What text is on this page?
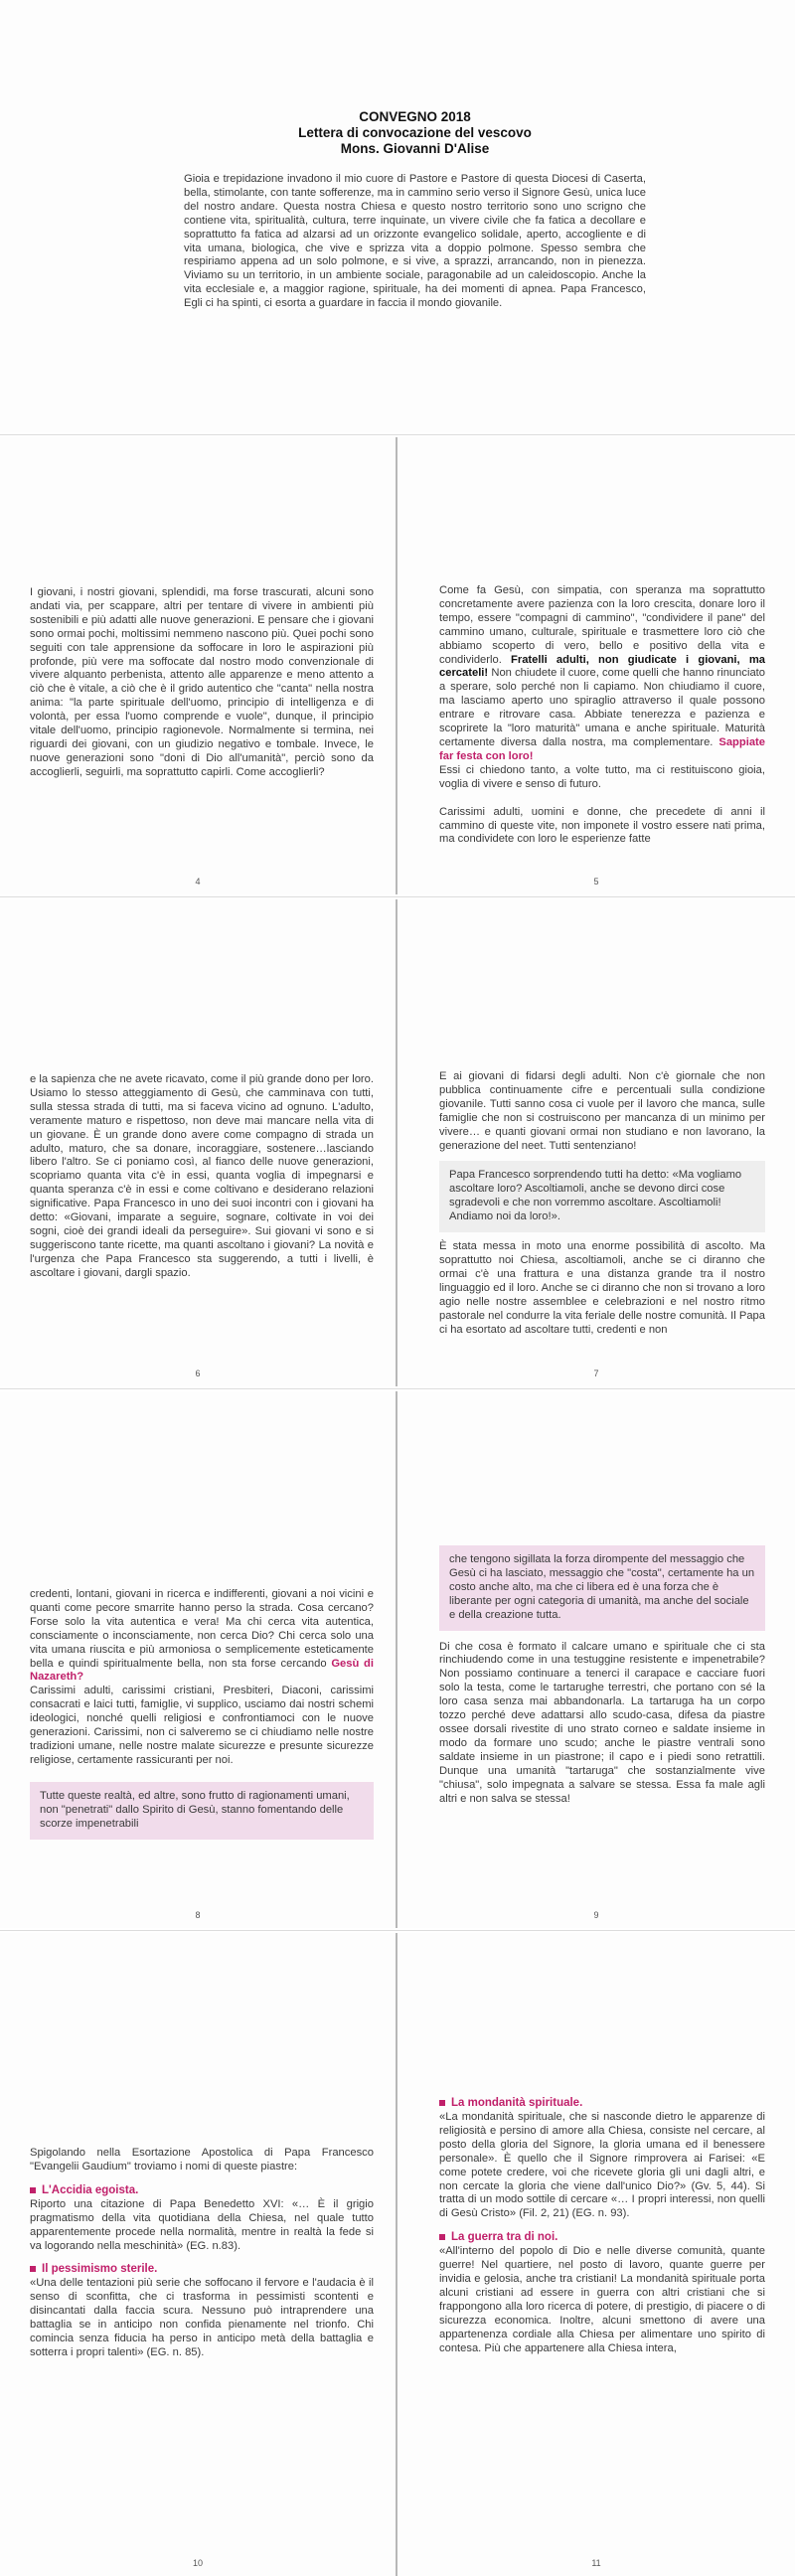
CONVEGNO 2018

Lettera di convocazione del vescovo

Mons. Giovanni D'Alise

Gioia e trepidazione invadono il mio cuore di Pastore e Pastore di questa Diocesi di Caserta, bella, stimolante, con tante sofferenze, ma in cammino serio verso il Signore Gesù, unica luce del nostro andare. Questa nostra Chiesa e questo nostro territorio sono uno scrigno che contiene vita, spiritualità, cultura, terre inquinate, un vivere civile che fa fatica a decollare e soprattutto fa fatica ad alzarsi ad un orizzonte evangelico solidale, aperto, accogliente e di vita umana, biologica, che vive e sprizza vita a doppio polmone. Spesso sembra che respiriamo appena ad un solo polmone, e si vive, a sprazzi, arrancando, non in pienezza. Viviamo su un territorio, in un ambiente sociale, paragonabile ad un caleidoscopio. Anche la vita ecclesiale e, a maggior ragione, spirituale, ha dei momenti di apnea. Papa Francesco, Egli ci ha spinti, ci esorta a guardare in faccia il mondo giovanile.

I giovani, i nostri giovani, splendidi, ma forse trascurati, alcuni sono andati via, per scappare, altri per tentare di vivere in ambienti più sostenibili e più adatti alle nuove generazioni. E pensare che i giovani sono ormai pochi, moltissimi nemmeno nascono più. Quei pochi sono seguiti con tale apprensione da soffocare in loro le aspirazioni più profonde, più vere ma soffocate dal nostro modo convenzionale di vivere alquanto perbenista, attento alle apparenze e meno attento a ciò che è vitale, a ciò che è il grido autentico che "canta" nella nostra anima: "la parte spirituale dell'uomo, principio di intelligenza e di volontà, per essa l'uomo comprende e vuole", dunque, il principio vitale dell'uomo, principio ragionevole. Normalmente si termina, nei riguardi dei giovani, con un giudizio negativo e tombale. Invece, le nuove generazioni sono "doni di Dio all'umanità", perciò sono da accoglierli, seguirli, ma soprattutto capirli. Come accoglierli?

4

Come fa Gesù, con simpatia, con speranza ma soprattutto concretamente avere pazienza con la loro crescita, donare loro il tempo, essere "compagni di cammino", "condividere il pane" del cammino umano, culturale, spirituale e trasmettere loro ciò che abbiamo scoperto di vero, bello e positivo della vita e condividerlo. Fratelli adulti, non giudicate i giovani, ma cercateli! Non chiudete il cuore, come quelli che hanno rinunciato a sperare, solo perché non li capiamo. Non chiudiamo il cuore, ma lasciamo aperto uno spiraglio attraverso il quale possono entrare e ritrovare casa. Abbiate tenerezza e pazienza e scoprirete la "loro maturità" umana e anche spirituale. Maturità certamente diversa dalla nostra, ma complementare. Sappiate far festa con loro!

Essi ci chiedono tanto, a volte tutto, ma ci restituiscono gioia, voglia di vivere e senso di futuro.

Carissimi adulti, uomini e donne, che precedete di anni il cammino di queste vite, non imponete il vostro essere nati prima, ma condividete con loro le esperienze fatte

5

e la sapienza che ne avete ricavato, come il più grande dono per loro. Usiamo lo stesso atteggiamento di Gesù, che camminava con tutti, sulla stessa strada di tutti, ma si faceva vicino ad ognuno. L'adulto, veramente maturo e rispettoso, non deve mai mancare nella vita di un giovane. È un grande dono avere come compagno di strada un adulto, maturo, che sa donare, incoraggiare, sostenere…lasciando libero l'altro. Se ci poniamo così, al fianco delle nuove generazioni, scopriamo quanta vita c'è in essi, quanta voglia di impegnarsi e quanta speranza c'è in essi e come coltivano e desiderano relazioni significative. Papa Francesco in uno dei suoi incontri con i giovani ha detto: «Giovani, imparate a seguire, sognare, coltivate in voi dei sogni, cioè dei grandi ideali da perseguire». Sui giovani vi sono e si suggeriscono tante ricette, ma quanti ascoltano i giovani? La novità e l'urgenza che Papa Francesco sta suggerendo, a tutti i livelli, è ascoltare i giovani, dargli spazio.

6

E ai giovani di fidarsi degli adulti. Non c'è giornale che non pubblica continuamente cifre e percentuali sulla condizione giovanile. Tutti sanno cosa ci vuole per il lavoro che manca, sulle famiglie che non si costruiscono per mancanza di un minimo per vivere… e quanti giovani ormai non studiano e non lavorano, la generazione del neet. Tutti sentenziano!

Papa Francesco sorprendendo tutti ha detto: «Ma vogliamo ascoltare loro? Ascoltiamoli, anche se devono dirci cose sgradevoli e che non vorremmo ascoltare. Ascoltiamoli! Andiamo noi da loro!».

È stata messa in moto una enorme possibilità di ascolto. Ma soprattutto noi Chiesa, ascoltiamoli, anche se ci diranno che ormai c'è una frattura e una distanza grande tra il nostro linguaggio ed il loro. Anche se ci diranno che non si trovano a loro agio nelle nostre assemblee e celebrazioni e nel nostro ritmo pastorale nel condurre la vita feriale delle nostre comunità. Il Papa ci ha esortato ad ascoltare tutti, credenti e non

7

credenti, lontani, giovani in ricerca e indifferenti, giovani a noi vicini e quanti come pecore smarrite hanno perso la strada. Cosa cercano? Forse solo la vita autentica e vera! Ma chi cerca vita autentica, consciamente o inconsciamente, non cerca Dio? Chi cerca solo una vita umana riuscita e più armoniosa o semplicemente esteticamente bella e quindi spiritualmente bella, non sta forse cercando Gesù di Nazareth?

Carissimi adulti, carissimi cristiani, Presbiteri, Diaconi, carissimi consacrati e laici tutti, famiglie, vi supplico, usciamo dai nostri schemi ideologici, nonché quelli religiosi e confrontiamoci con le nuove generazioni. Carissimi, non ci salveremo se ci chiudiamo nelle nostre tradizioni umane, nelle nostre malate sicurezze e presunte sicurezze religiose, certamente rassicuranti per noi.

Tutte queste realtà, ed altre, sono frutto di ragionamenti umani, non "penetrati" dallo Spirito di Gesù, stanno fomentando delle scorze impenetrabili
8
che tengono sigillata la forza dirompente del messaggio che Gesù ci ha lasciato, messaggio che "costa", certamente ha un costo anche alto, ma che ci libera ed è una forza che è liberante per ogni categoria di umanità, ma anche del sociale e della creazione tutta.

Di che cosa è formato il calcare umano e spirituale che ci sta rinchiudendo come in una testuggine resistente e impenetrabile? Non possiamo continuare a tenerci il carapace e cacciare fuori solo la testa, come le tartarughe terrestri, che portano con sé la loro casa senza mai abbandonarla. La tartaruga ha un corpo tozzo perché deve adattarsi allo scudo-casa, difesa da piastre ossee dorsali rivestite di uno strato corneo e saldate insieme in modo da formare uno scudo; anche le piastre ventrali sono saldate insieme in un piastrone; il capo e i piedi sono retrattili. Dunque una umanità "tartaruga" che sostanzialmente vive "chiusa", solo impegnata a salvare se stessa. Essa fa male agli altri e non salva se stessa!

9

Spigolando nella Esortazione Apostolica di Papa Francesco "Evangelii Gaudium" troviamo i nomi di queste piastre:

L'Accidia egoista.

Riporto una citazione di Papa Benedetto XVI: «… È il grigio pragmatismo della vita quotidiana della Chiesa, nel quale tutto apparentemente procede nella normalità, mentre in realtà la fede si va logorando nella meschinità» (EG. n.83).

Il pessimismo sterile.

«Una delle tentazioni più serie che soffocano il fervore e l'audacia è il senso di sconfitta, che ci trasforma in pessimisti scontenti e disincantati dalla faccia scura. Nessuno può intraprendere una battaglia se in anticipo non confida pienamente nel trionfo. Chi comincia senza fiducia ha perso in anticipo metà della battaglia e sotterra i propri talenti» (EG. n. 85).

10
La mondanità spirituale.

«La mondanità spirituale, che si nasconde dietro le apparenze di religiosità e persino di amore alla Chiesa, consiste nel cercare, al posto della gloria del Signore, la gloria umana ed il benessere personale». È quello che il Signore rimprovera ai Farisei: «E come potete credere, voi che ricevete gloria gli uni dagli altri, e non cercate la gloria che viene dall'unico Dio?» (Gv. 5, 44). Si tratta di un modo sottile di cercare «… I propri interessi, non quelli di Gesù Cristo» (Fil. 2, 21) (EG. n. 93).

La guerra tra di noi.

«All'interno del popolo di Dio e nelle diverse comunità, quante guerre! Nel quartiere, nel posto di lavoro, quante guerre per invidia e gelosia, anche tra cristiani! La mondanità spirituale porta alcuni cristiani ad essere in guerra con altri cristiani che si frappongono alla loro ricerca di potere, di prestigio, di piacere o di sicurezza economica. Inoltre, alcuni smettono di avere una appartenenza cordiale alla Chiesa per alimentare uno spirito di contesa. Più che appartenere alla Chiesa intera,

11
